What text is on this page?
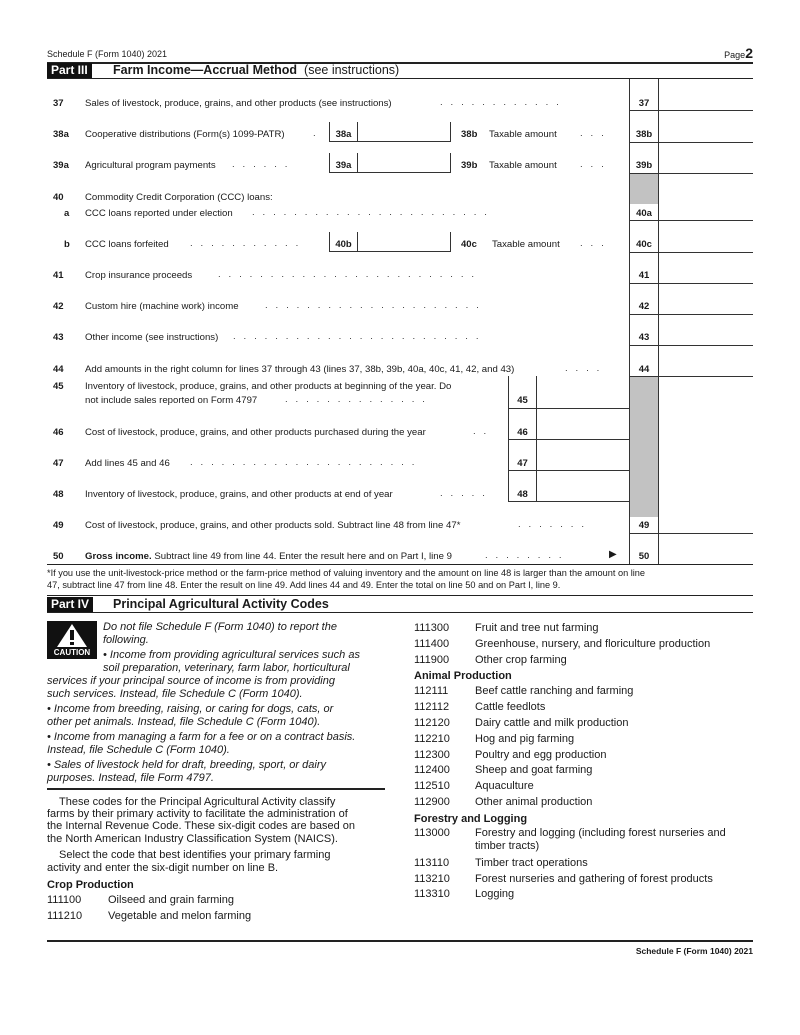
Schedule F (Form 1040) 2021	Page2
Part III	Farm Income—Accrual Method (see instructions)
37 Sales of livestock, produce, grains, and other products (see instructions)	.   .   .   .   .   .   .   .   .   .   .   .	37
38a Cooperative distributions (Form(s) 1099-PATR)	.	38a	38b Taxable amount .   .   .	38b
39a Agricultural program payments .   .   .   .   .   .	39a	39b Taxable amount .   .   .	39b
40 Commodity Credit Corporation (CCC) loans:
a CCC loans reported under election .   .   .   .   .   .   .   .   .   .   .   .   .   .   .   .   .   .   .   .   .   .   .	40a
b CCC loans forfeited .   .   .   .   .   .   .   .   .   .   .	40b	40c Taxable amount .   .   .	40c
41 Crop insurance proceeds	.   .   .   .   .   .   .   .   .   .   .   .   .   .   .   .   .   .   .   .   .   .   .   .   .	41
42 Custom hire (machine work) income	.   .   .   .   .   .   .   .   .   .   .   .   .   .   .   .   .   .   .   .   .	42
43 Other income (see instructions) .   .   .   .   .   .   .   .   .   .   .   .   .   .   .   .   .   .   .   .   .   .   .   .	43
44 Add amounts in the right column for lines 37 through 43 (lines 37, 38b, 39b, 40a, 40c, 41, 42, and 43)	.   .   .   .	44
45 Inventory of livestock, produce, grains, and other products at beginning of the year. Do
not include sales reported on Form 4797	.   .   .   .   .   .   .   .   .   .   .   .   .   .	45
46 Cost of livestock, produce, grains, and other products purchased during the year	.   .	46
47 Add lines 45 and 46 .   .   .   .   .   .   .   .   .   .   .   .   .   .   .   .   .   .   .   .   .   .	47
48 Inventory of livestock, produce, grains, and other products at end of year	.   .   .   .   .	48
49 Cost of livestock, produce, grains, and other products sold. Subtract line 48 from line 47*	.   .   .   .   .   .   .	49
50 Gross income. Subtract line 49 from line 44. Enter the result here and on Part I, line 9	.   .   .   .   .   .   .   .	▶	50
*If you use the unit-livestock-price method or the farm-price method of valuing inventory and the amount on line 48 is larger than the amount on line
47, subtract line 47 from line 48. Enter the result on line 49. Add lines 44 and 49. Enter the total on line 50 and on Part I, line 9.
Part IV	Principal Agricultural Activity Codes
CAUTION
Do not file Schedule F (Form 1040) to report the
following.
• Income from providing agricultural services such as
soil preparation, veterinary, farm labor, horticultural
services if your principal source of income is from providing
such services. Instead, file Schedule C (Form 1040).
• Income from breeding, raising, or caring for dogs, cats, or
other pet animals. Instead, file Schedule C (Form 1040).
• Income from managing a farm for a fee or on a contract basis.
Instead, file Schedule C (Form 1040).
• Sales of livestock held for draft, breeding, sport, or dairy
purposes. Instead, file Form 4797.
These codes for the Principal Agricultural Activity classify
farms by their primary activity to facilitate the administration of
the Internal Revenue Code. These six-digit codes are based on
the North American Industry Classification System (NAICS).
Select the code that best identifies your primary farming
activity and enter the six-digit number on line B.
Crop Production
111100	Oilseed and grain farming
111210	Vegetable and melon farming
111300	Fruit and tree nut farming
111400	Greenhouse, nursery, and floriculture production
111900	Other crop farming
Animal Production
112111	Beef cattle ranching and farming
112112	Cattle feedlots
112120	Dairy cattle and milk production
112210	Hog and pig farming
112300	Poultry and egg production
112400	Sheep and goat farming
112510	Aquaculture
112900	Other animal production
Forestry and Logging
113000	Forestry and logging (including forest nurseries and
timber tracts)
113110	Timber tract operations
113210	Forest nurseries and gathering of forest products
113310	Logging
Schedule F (Form 1040) 2021
